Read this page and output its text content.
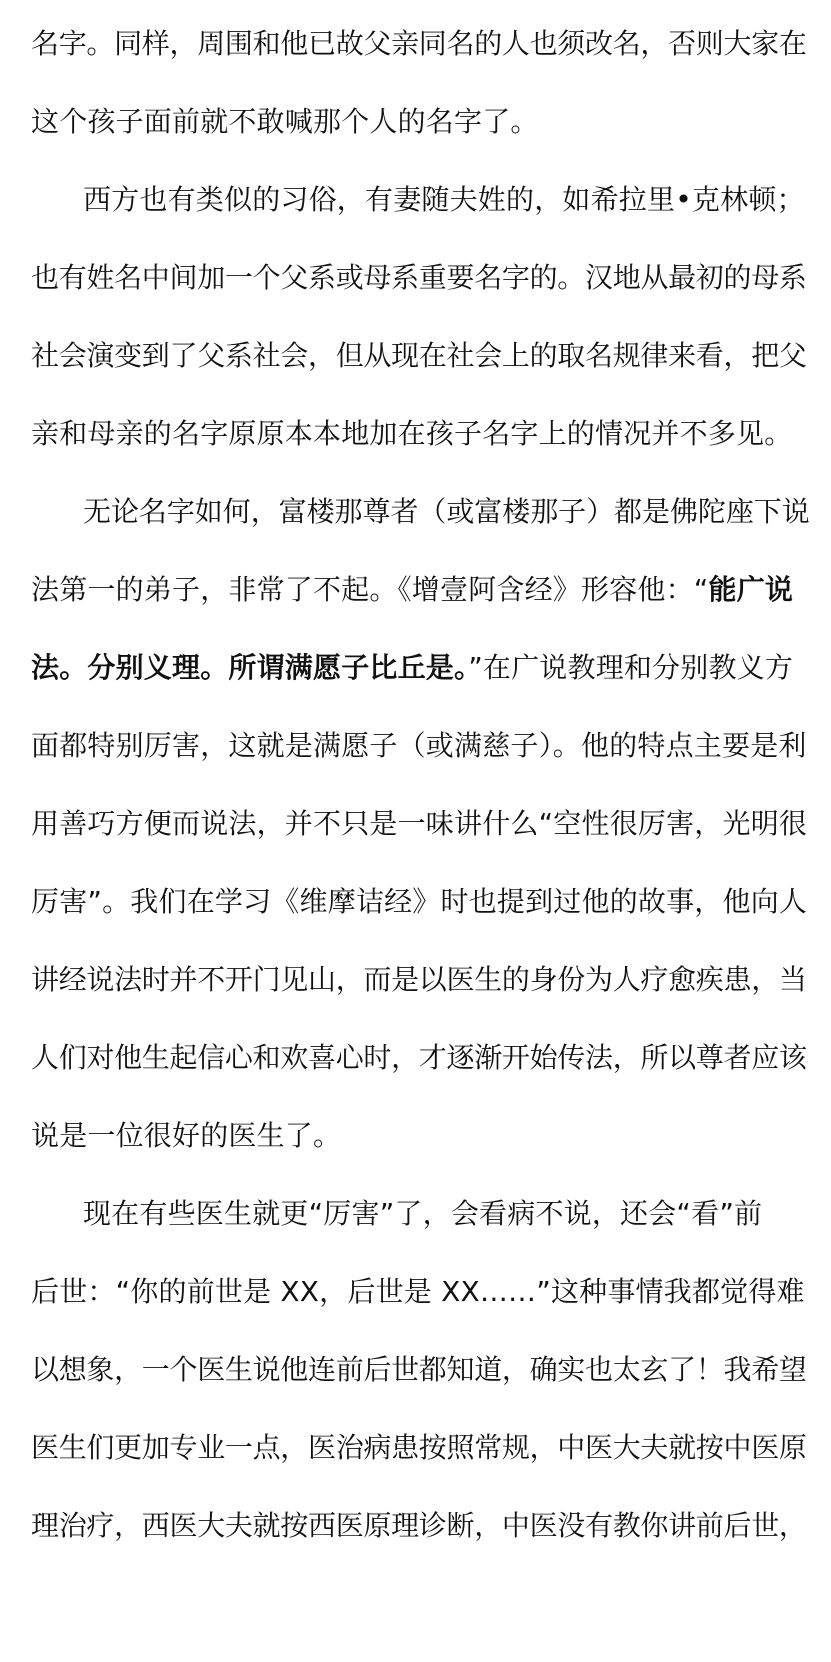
名字。同样，周围和他已故父亲同名的人也须改名，否则大家在
这个孩子面前就不敢喊那个人的名字了。
西方也有类似的习俗，有妻随夫姓的，如希拉里•克林顿；
也有姓名中间加一个父系或母系重要名字的。汉地从最初的母系
社会演变到了父系社会，但从现在社会上的取名规律来看，把父
亲和母亲的名字原原本本地加在孩子名字上的情况并不多见。
无论名字如何，富楼那尊者（或富楼那子）都是佛陀座下说
法第一的弟子，非常了不起。《增壹阿含经》形容他：“能广说
法。分别义理。所谓满愿子比丘是。”在广说教理和分别教义方
面都特别厉害，这就是满愿子（或满慈子）。他的特点主要是利
用善巧方便而说法，并不只是一味讲什么“空性很厉害，光明很
厉害”。我们在学习《维摩诘经》时也提到过他的故事，他向人
讲经说法时并不开门见山，而是以医生的身份为人疗愈疾患，当
人们对他生起信心和欢喜心时，才逐渐开始传法，所以尊者应该
说是一位很好的医生了。
现在有些医生就更“厉害”了，会看病不说，还会“看”前
后世：“你的前世是 XX，后世是 XX……”这种事情我都觉得难
以想象，一个医生说他连前后世都知道，确实也太玄了！我希望
医生们更加专业一点，医治病患按照常规，中医大夫就按中医原
理治疗，西医大夫就按西医原理诊断，中医没有教你讲前后世，
